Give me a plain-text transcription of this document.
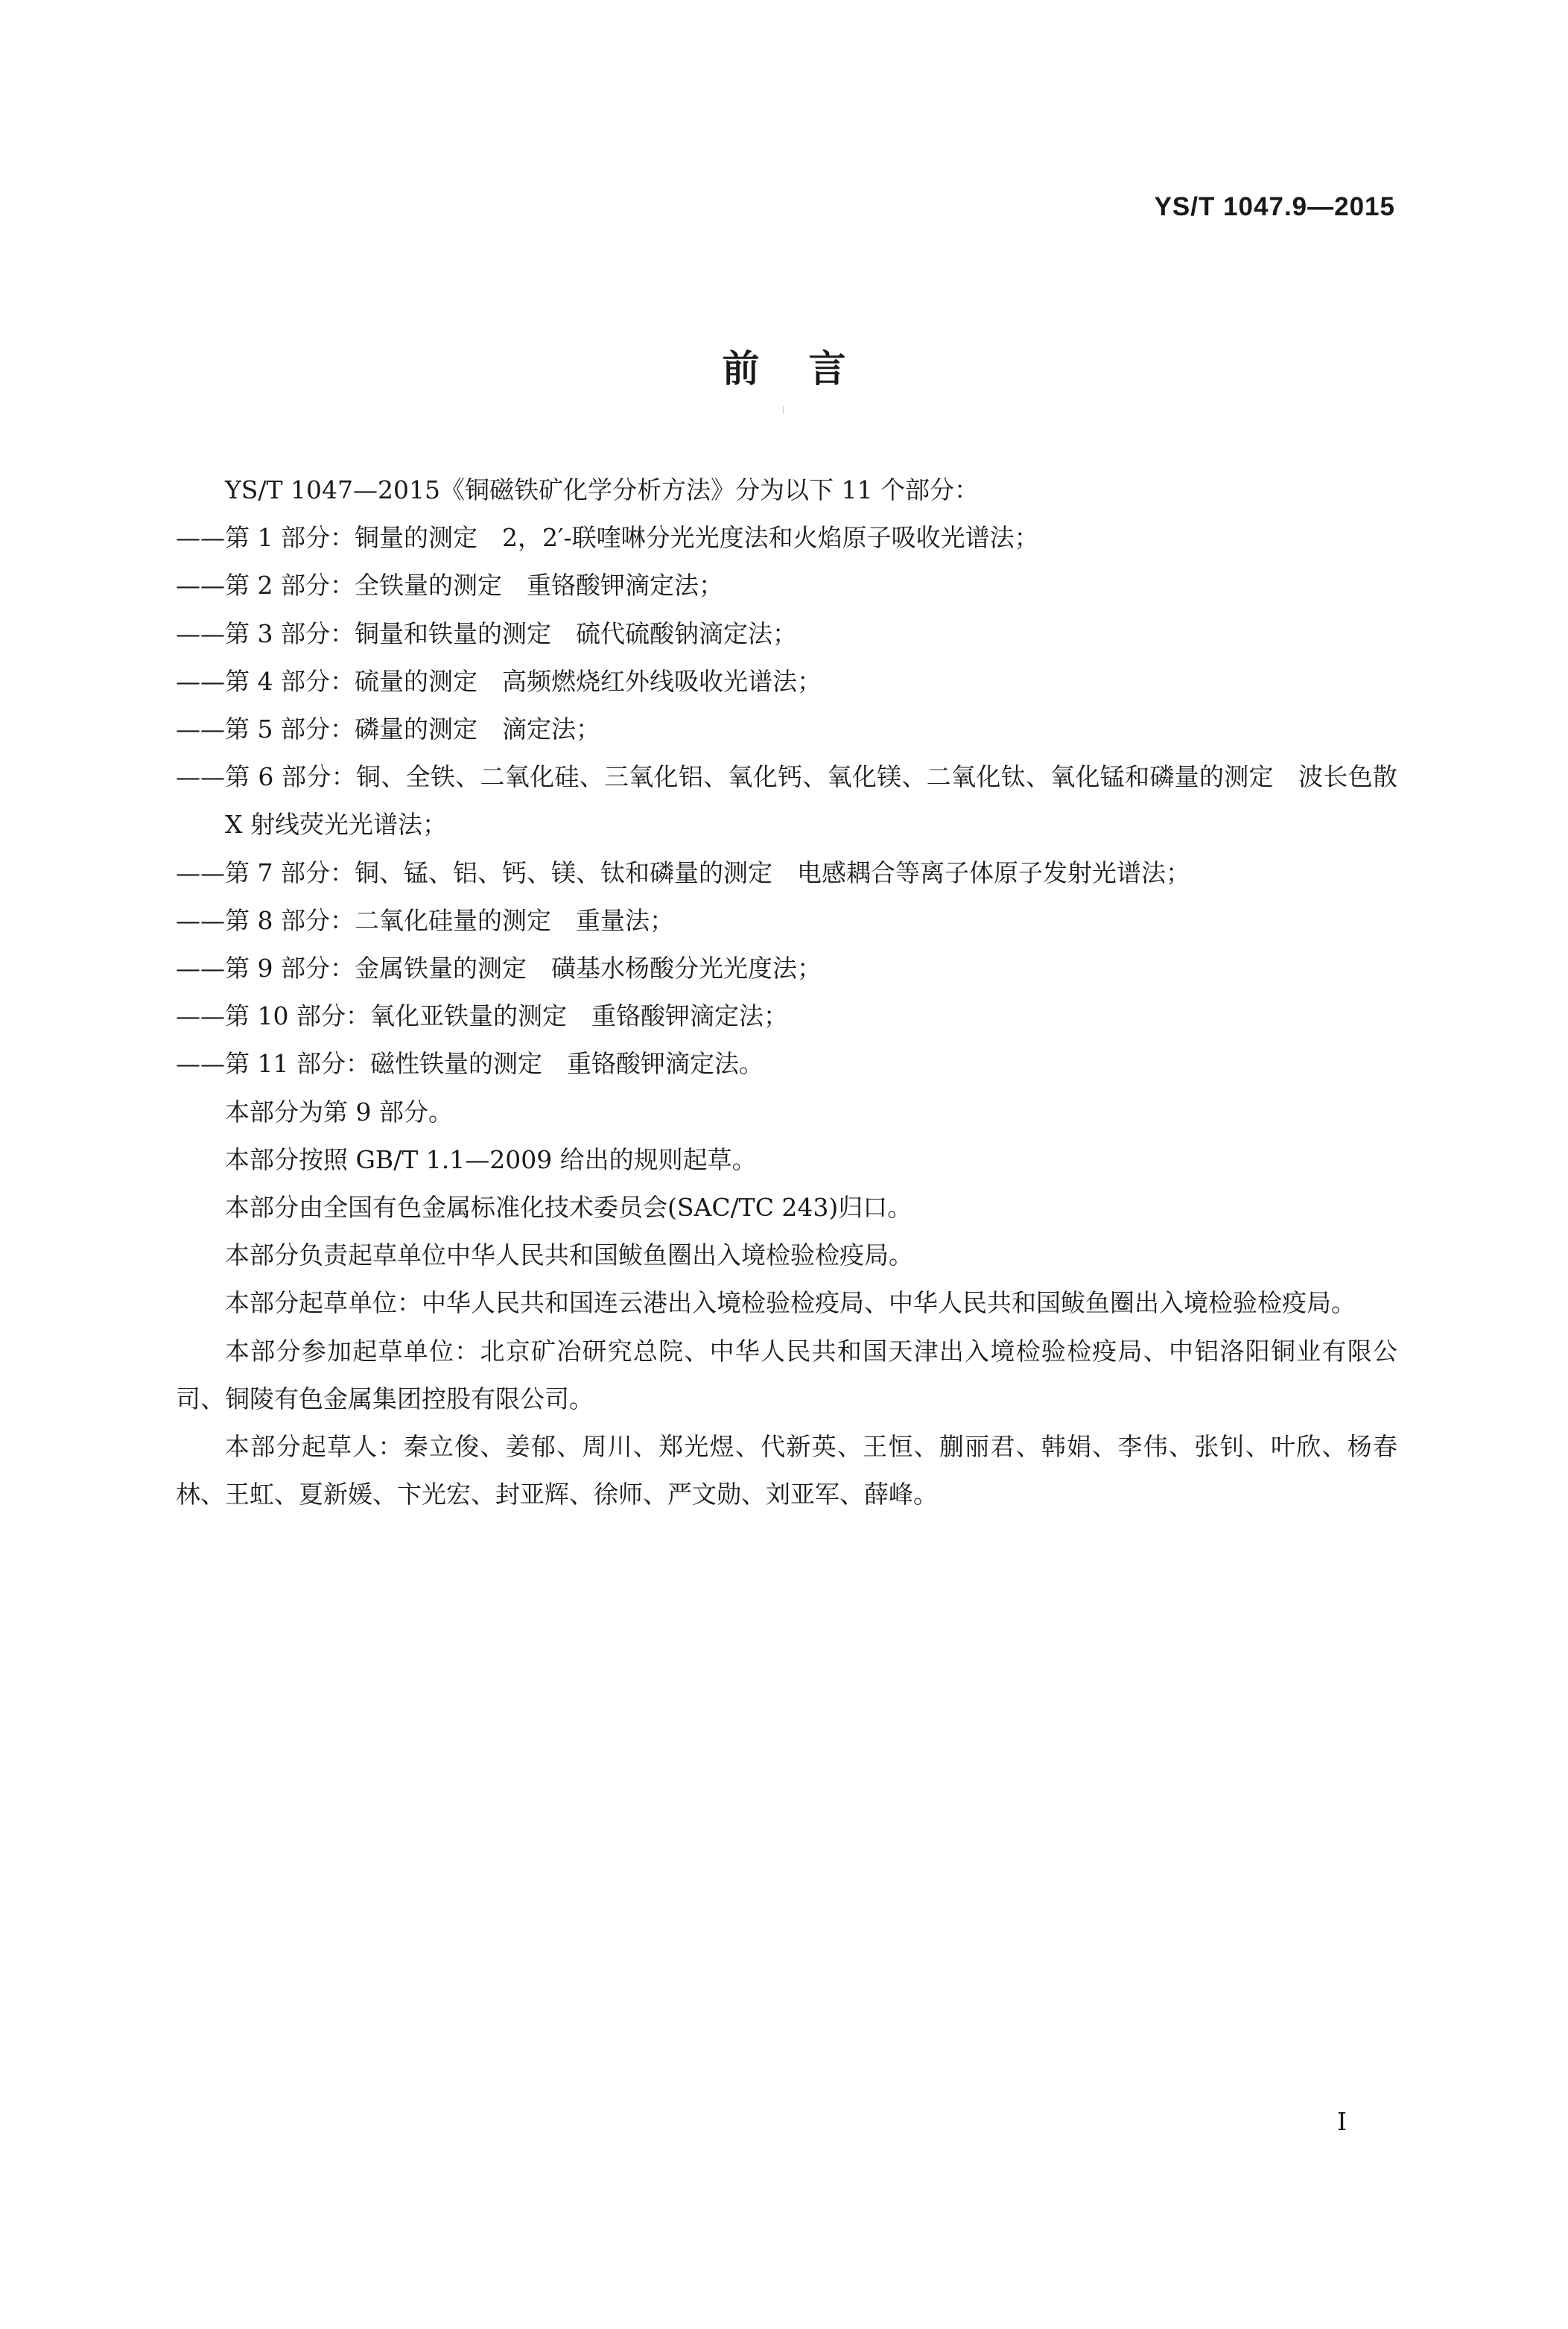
YS/T 1047.9—2015
前言

YS/T 1047—2015《铜磁铁矿化学分析方法》分为以下 11 个部分：

——第 1 部分：铜量的测定　2，2′-联喹啉分光光度法和火焰原子吸收光谱法；

——第 2 部分：全铁量的测定　重铬酸钾滴定法；

——第 3 部分：铜量和铁量的测定　硫代硫酸钠滴定法；

——第 4 部分：硫量的测定　高频燃烧红外线吸收光谱法；

——第 5 部分：磷量的测定　滴定法；

——第 6 部分：铜、全铁、二氧化硅、三氧化铝、氧化钙、氧化镁、二氧化钛、氧化锰和磷量的测定　波长色散 X 射线荧光光谱法；

——第 7 部分：铜、锰、铝、钙、镁、钛和磷量的测定　电感耦合等离子体原子发射光谱法；

——第 8 部分：二氧化硅量的测定　重量法；

——第 9 部分：金属铁量的测定　磺基水杨酸分光光度法；

——第 10 部分：氧化亚铁量的测定　重铬酸钾滴定法；

——第 11 部分：磁性铁量的测定　重铬酸钾滴定法。

本部分为第 9 部分。

本部分按照 GB/T 1.1—2009 给出的规则起草。

本部分由全国有色金属标准化技术委员会(SAC/TC 243)归口。

本部分负责起草单位中华人民共和国鲅鱼圈出入境检验检疫局。

本部分起草单位：中华人民共和国连云港出入境检验检疫局、中华人民共和国鲅鱼圈出入境检验检疫局。

本部分参加起草单位：北京矿冶研究总院、中华人民共和国天津出入境检验检疫局、中铝洛阳铜业有限公司、铜陵有色金属集团控股有限公司。

本部分起草人：秦立俊、姜郁、周川、郑光煜、代新英、王恒、蒯丽君、韩娟、李伟、张钊、叶欣、杨春林、王虹、夏新媛、卞光宏、封亚辉、徐师、严文勋、刘亚军、薛峰。

I
